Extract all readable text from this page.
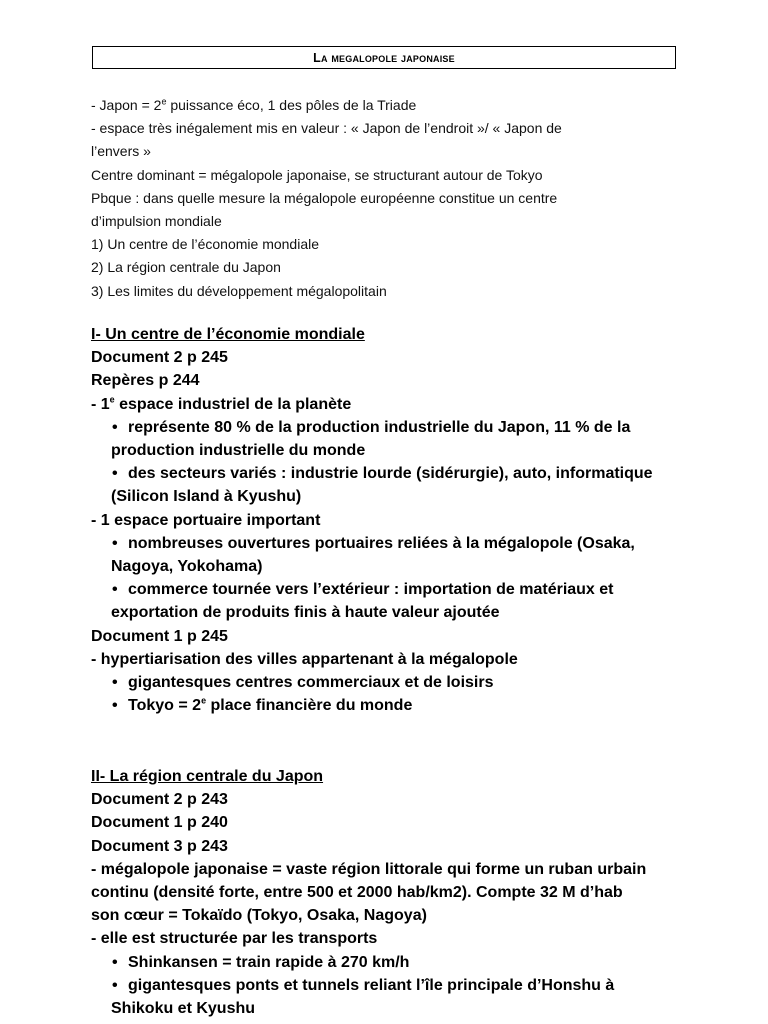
La megalopole japonaise
- Japon = $2^e$ puissance éco, 1 des pôles de la Triade
- espace très inégalement mis en valeur : « Japon de l’endroit »/ « Japon de
l’envers »
Centre dominant = mégalopole japonaise, se structurant autour de Tokyo
Pbque : dans quelle mesure la mégalopole européenne constitue un centre
d’impulsion mondiale
1) Un centre de l’économie mondiale
2) La région centrale du Japon
3) Les limites du développement mégalopolitain
I- Un centre de l’économie mondiale
Document 2 p 245
Repères p 244
- 1e espace industriel de la planète
• représente 80 % de la production industrielle du Japon, 11 % de la
production industrielle du monde
• des secteurs variés : industrie lourde (sidérurgie), auto, informatique
(Silicon Island à Kyushu)
- 1 espace portuaire important
• nombreuses ouvertures portuaires reliées à la mégalopole (Osaka,
Nagoya, Yokohama)
• commerce tournée vers l’extérieur : importation de matériaux et
exportation de produits finis à haute valeur ajoutée
Document 1 p 245
- hypertiarisation des villes appartenant à la mégalopole
• gigantesques centres commerciaux et de loisirs
• Tokyo = $2^e$ place financière du monde
II- La région centrale du Japon
Document 2 p 243
Document 1 p 240
Document 3 p 243
- mégalopole japonaise = vaste région littorale qui forme un ruban urbain
continu (densité forte, entre 500 et 2000 hab/km2). Compte 32 M d’hab
son cœur = Tokaïdo (Tokyo, Osaka, Nagoya)
- elle est structurée par les transports
• Shinkansen = train rapide à 270 km/h
• gigantesques ponts et tunnels reliant l’île principale d’Honshu à
Shikoku et Kyushu
